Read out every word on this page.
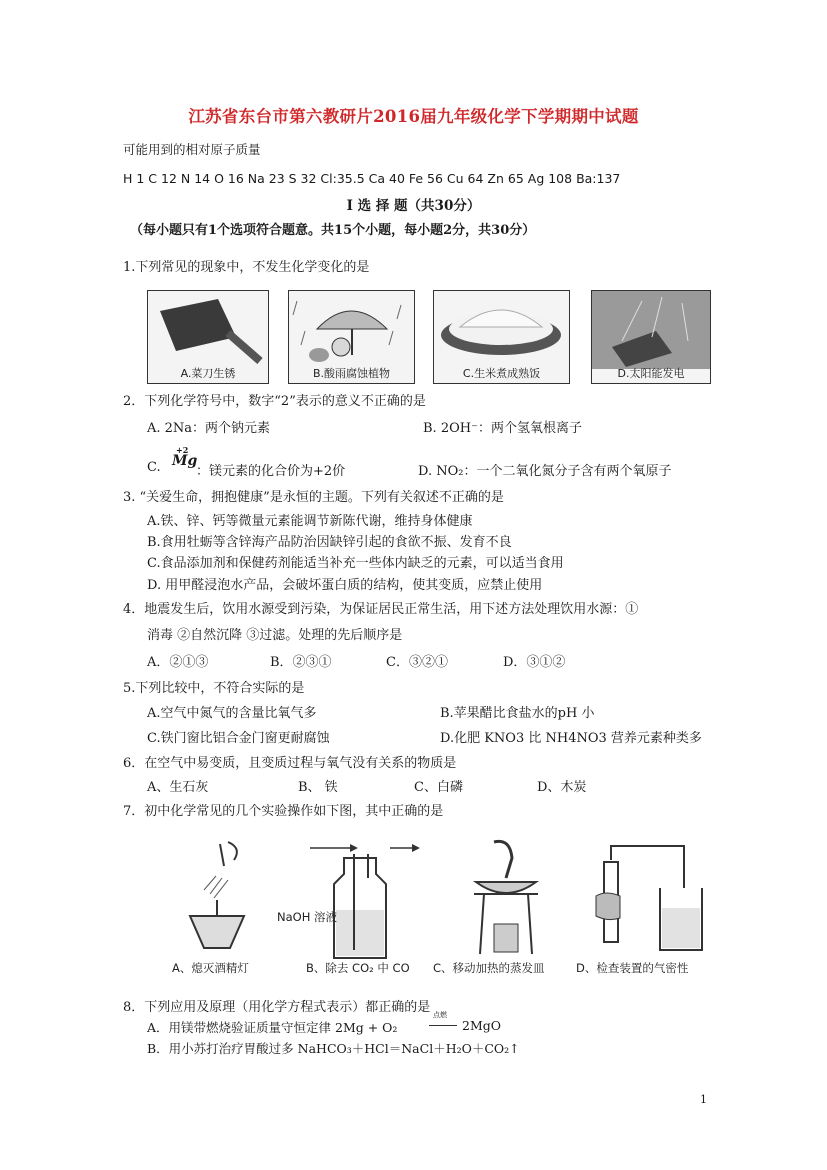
江苏省东台市第六教研片2016届九年级化学下学期期中试题
可能用到的相对原子质量
H 1 C 12 N 14 O 16 Na 23 S 32 Cl:35.5 Ca 40 Fe 56 Cu 64 Zn 65 Ag 108 Ba:137
I 选 择 题（共30分）
（每小题只有1个选项符合题意。共15个小题，每小题2分，共30分）
1.下列常见的现象中，不发生化学变化的是
A.菜刀生锈	B.酸雨腐蚀植物	C.生米煮成熟饭	D.太阳能发电
2．下列化学符号中，数字“2”表示的意义不正确的是
A. 2Na：两个钠元素	B. 2OH⁻：两个氢氧根离子
C.
+2
Mg
：镁元素的化合价为+2价	D. NO₂：一个二氧化氮分子含有两个氧原子
3. “关爱生命，拥抱健康”是永恒的主题。下列有关叙述不正确的是
A.铁、锌、钙等微量元素能调节新陈代谢，维持身体健康
B.食用牡蛎等含锌海产品防治因缺锌引起的食欲不振、发育不良
C.食品添加剂和保健药剂能适当补充一些体内缺乏的元素，可以适当食用
D. 用甲醛浸泡水产品，会破坏蛋白质的结构，使其变质，应禁止使用
4．地震发生后，饮用水源受到污染，为保证居民正常生活，用下述方法处理饮用水源：①
消毒 ②自然沉降 ③过滤。处理的先后顺序是
A．②①③	B．②③①	C．③②①	D．③①②
5.下列比较中，不符合实际的是
A.空气中氮气的含量比氧气多	B.苹果醋比食盐水的pH 小
C.铁门窗比铝合金门窗更耐腐蚀	D.化肥 KNO3 比 NH4NO3 营养元素种类多
6．在空气中易变质，且变质过程与氧气没有关系的物质是
A、生石灰	B、 铁	C、白磷	D、木炭
7．初中化学常见的几个实验操作如下图，其中正确的是
NaOH 溶液
A、熄灭酒精灯	B、除去 CO₂ 中 CO C、移动加热的蒸发皿	D、检查装置的气密性
8．下列应用及原理（用化学方程式表示）都正确的是
A．用镁带燃烧验证质量守恒定律 2Mg + O₂
点燃
2MgO
B．用小苏打治疗胃酸过多 NaHCO₃＋HCl＝NaCl＋H₂O＋CO₂↑
1
